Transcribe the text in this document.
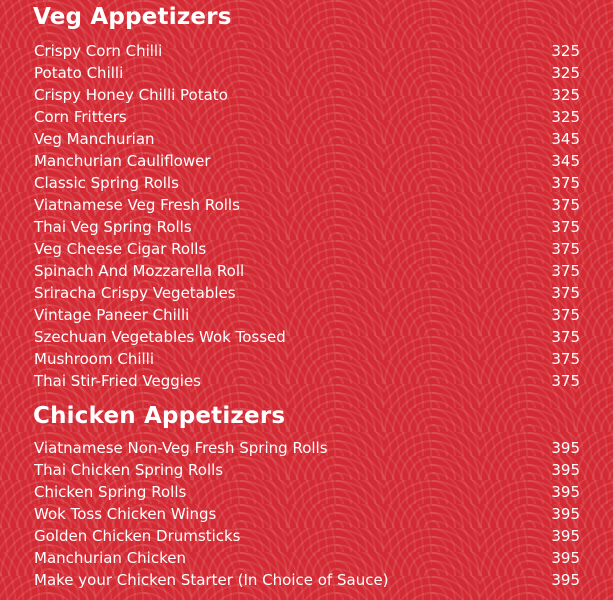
Veg Appetizers
Crispy Corn Chilli	325
Potato Chilli	325
Crispy Honey Chilli Potato	325
Corn Fritters	325
Veg Manchurian	345
Manchurian Cauliflower	345
Classic Spring Rolls	375
Viatnamese Veg Fresh Rolls	375
Thai Veg Spring Rolls	375
Veg Cheese Cigar Rolls	375
Spinach And Mozzarella Roll	375
Sriracha Crispy Vegetables	375
Vintage Paneer Chilli	375
Szechuan Vegetables Wok Tossed	375
Mushroom Chilli	375
Thai Stir-Fried Veggies	375
Chicken Appetizers
Viatnamese Non-Veg Fresh Spring Rolls	395
Thai Chicken Spring Rolls	395
Chicken Spring Rolls	395
Wok Toss Chicken Wings	395
Golden Chicken Drumsticks	395
Manchurian Chicken	395
Make your Chicken Starter (In Choice of Sauce)	395
